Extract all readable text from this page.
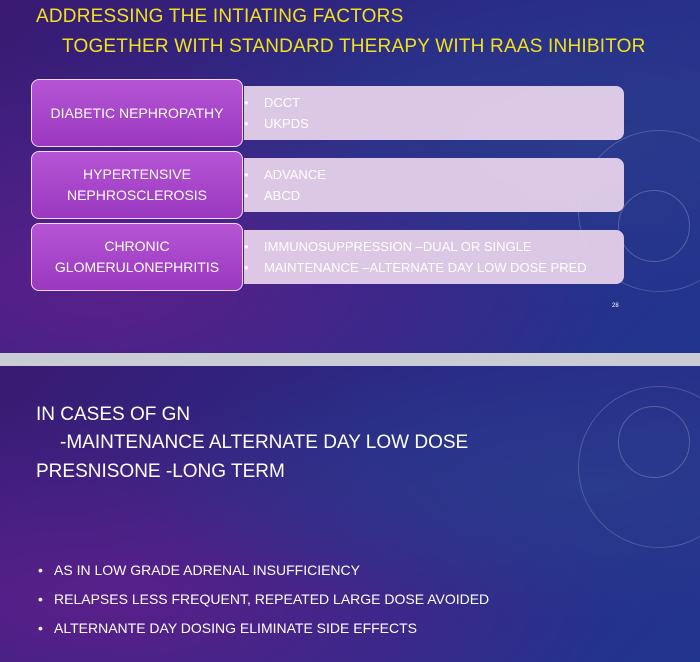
ADDRESSING THE INTIATING FACTORS
TOGETHER WITH STANDARD THERAPY WITH RAAS INHIBITOR
DIABETIC NEPHROPATHY
• DCCT
• UKPDS
HYPERTENSIVE NEPHROSCLEROSIS
• ADVANCE
• ABCD
CHRONIC GLOMERULONEPHRITIS
• IMMUNOSUPPRESSION –DUAL OR SINGLE
• MAINTENANCE –ALTERNATE DAY LOW DOSE PRED
28
IN CASES OF GN
-MAINTENANCE ALTERNATE DAY LOW DOSE
PRESNISONE -LONG TERM
• AS IN LOW GRADE ADRENAL INSUFFICIENCY
• RELAPSES LESS FREQUENT, REPEATED LARGE DOSE AVOIDED
• ALTERNANTE DAY DOSING ELIMINATE SIDE EFFECTS
